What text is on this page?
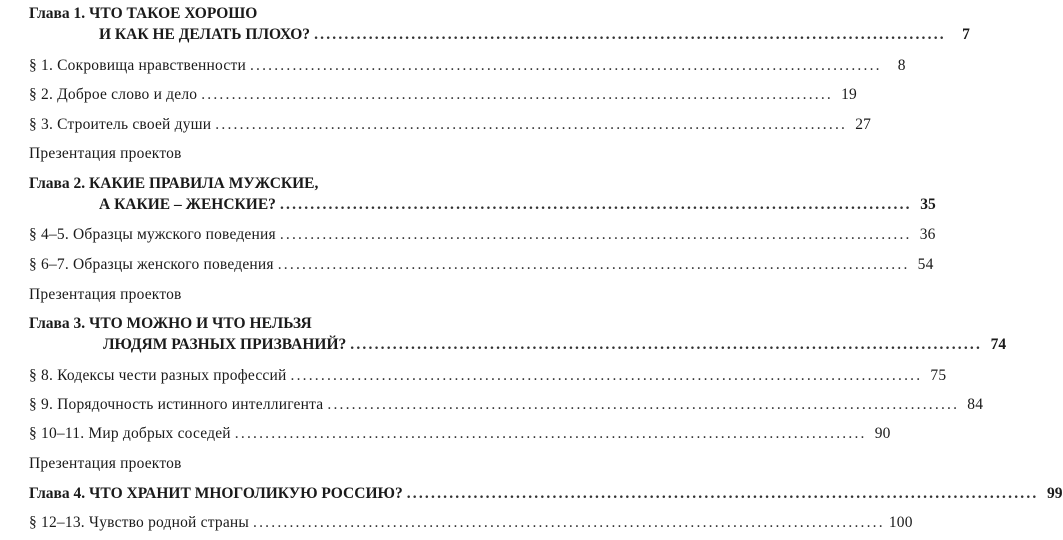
Глава 1. ЧТО ТАКОЕ ХОРОШО
И КАК НЕ ДЕЛАТЬ ПЛОХО? ........................................................................................................	7
§ 1. Сокровища нравственности ........................................................................................................	8
§ 2. Доброе слово и дело ........................................................................................................ 19
§ 3. Строитель своей души ........................................................................................................ 27
Презентация проектов
Глава 2. КАКИЕ ПРАВИЛА МУЖСКИЕ,
А КАКИЕ – ЖЕНСКИЕ? ........................................................................................................ 35
§ 4–5. Образцы мужского поведения ........................................................................................................ 36
§ 6–7. Образцы женского поведения ........................................................................................................ 54
Презентация проектов
Глава 3. ЧТО МОЖНО И ЧТО НЕЛЬЗЯ
ЛЮДЯМ РАЗНЫХ ПРИЗВАНИЙ? ........................................................................................................ 74
§ 8. Кодексы чести разных профессий ........................................................................................................ 75
§ 9. Порядочность истинного интеллигента ........................................................................................................ 84
§ 10–11. Мир добрых соседей ........................................................................................................ 90
Презентация проектов
Глава 4. ЧТО ХРАНИТ МНОГОЛИКУЮ РОССИЮ? ........................................................................................................ 99
§ 12–13. Чувство родной страны ........................................................................................................ 100
